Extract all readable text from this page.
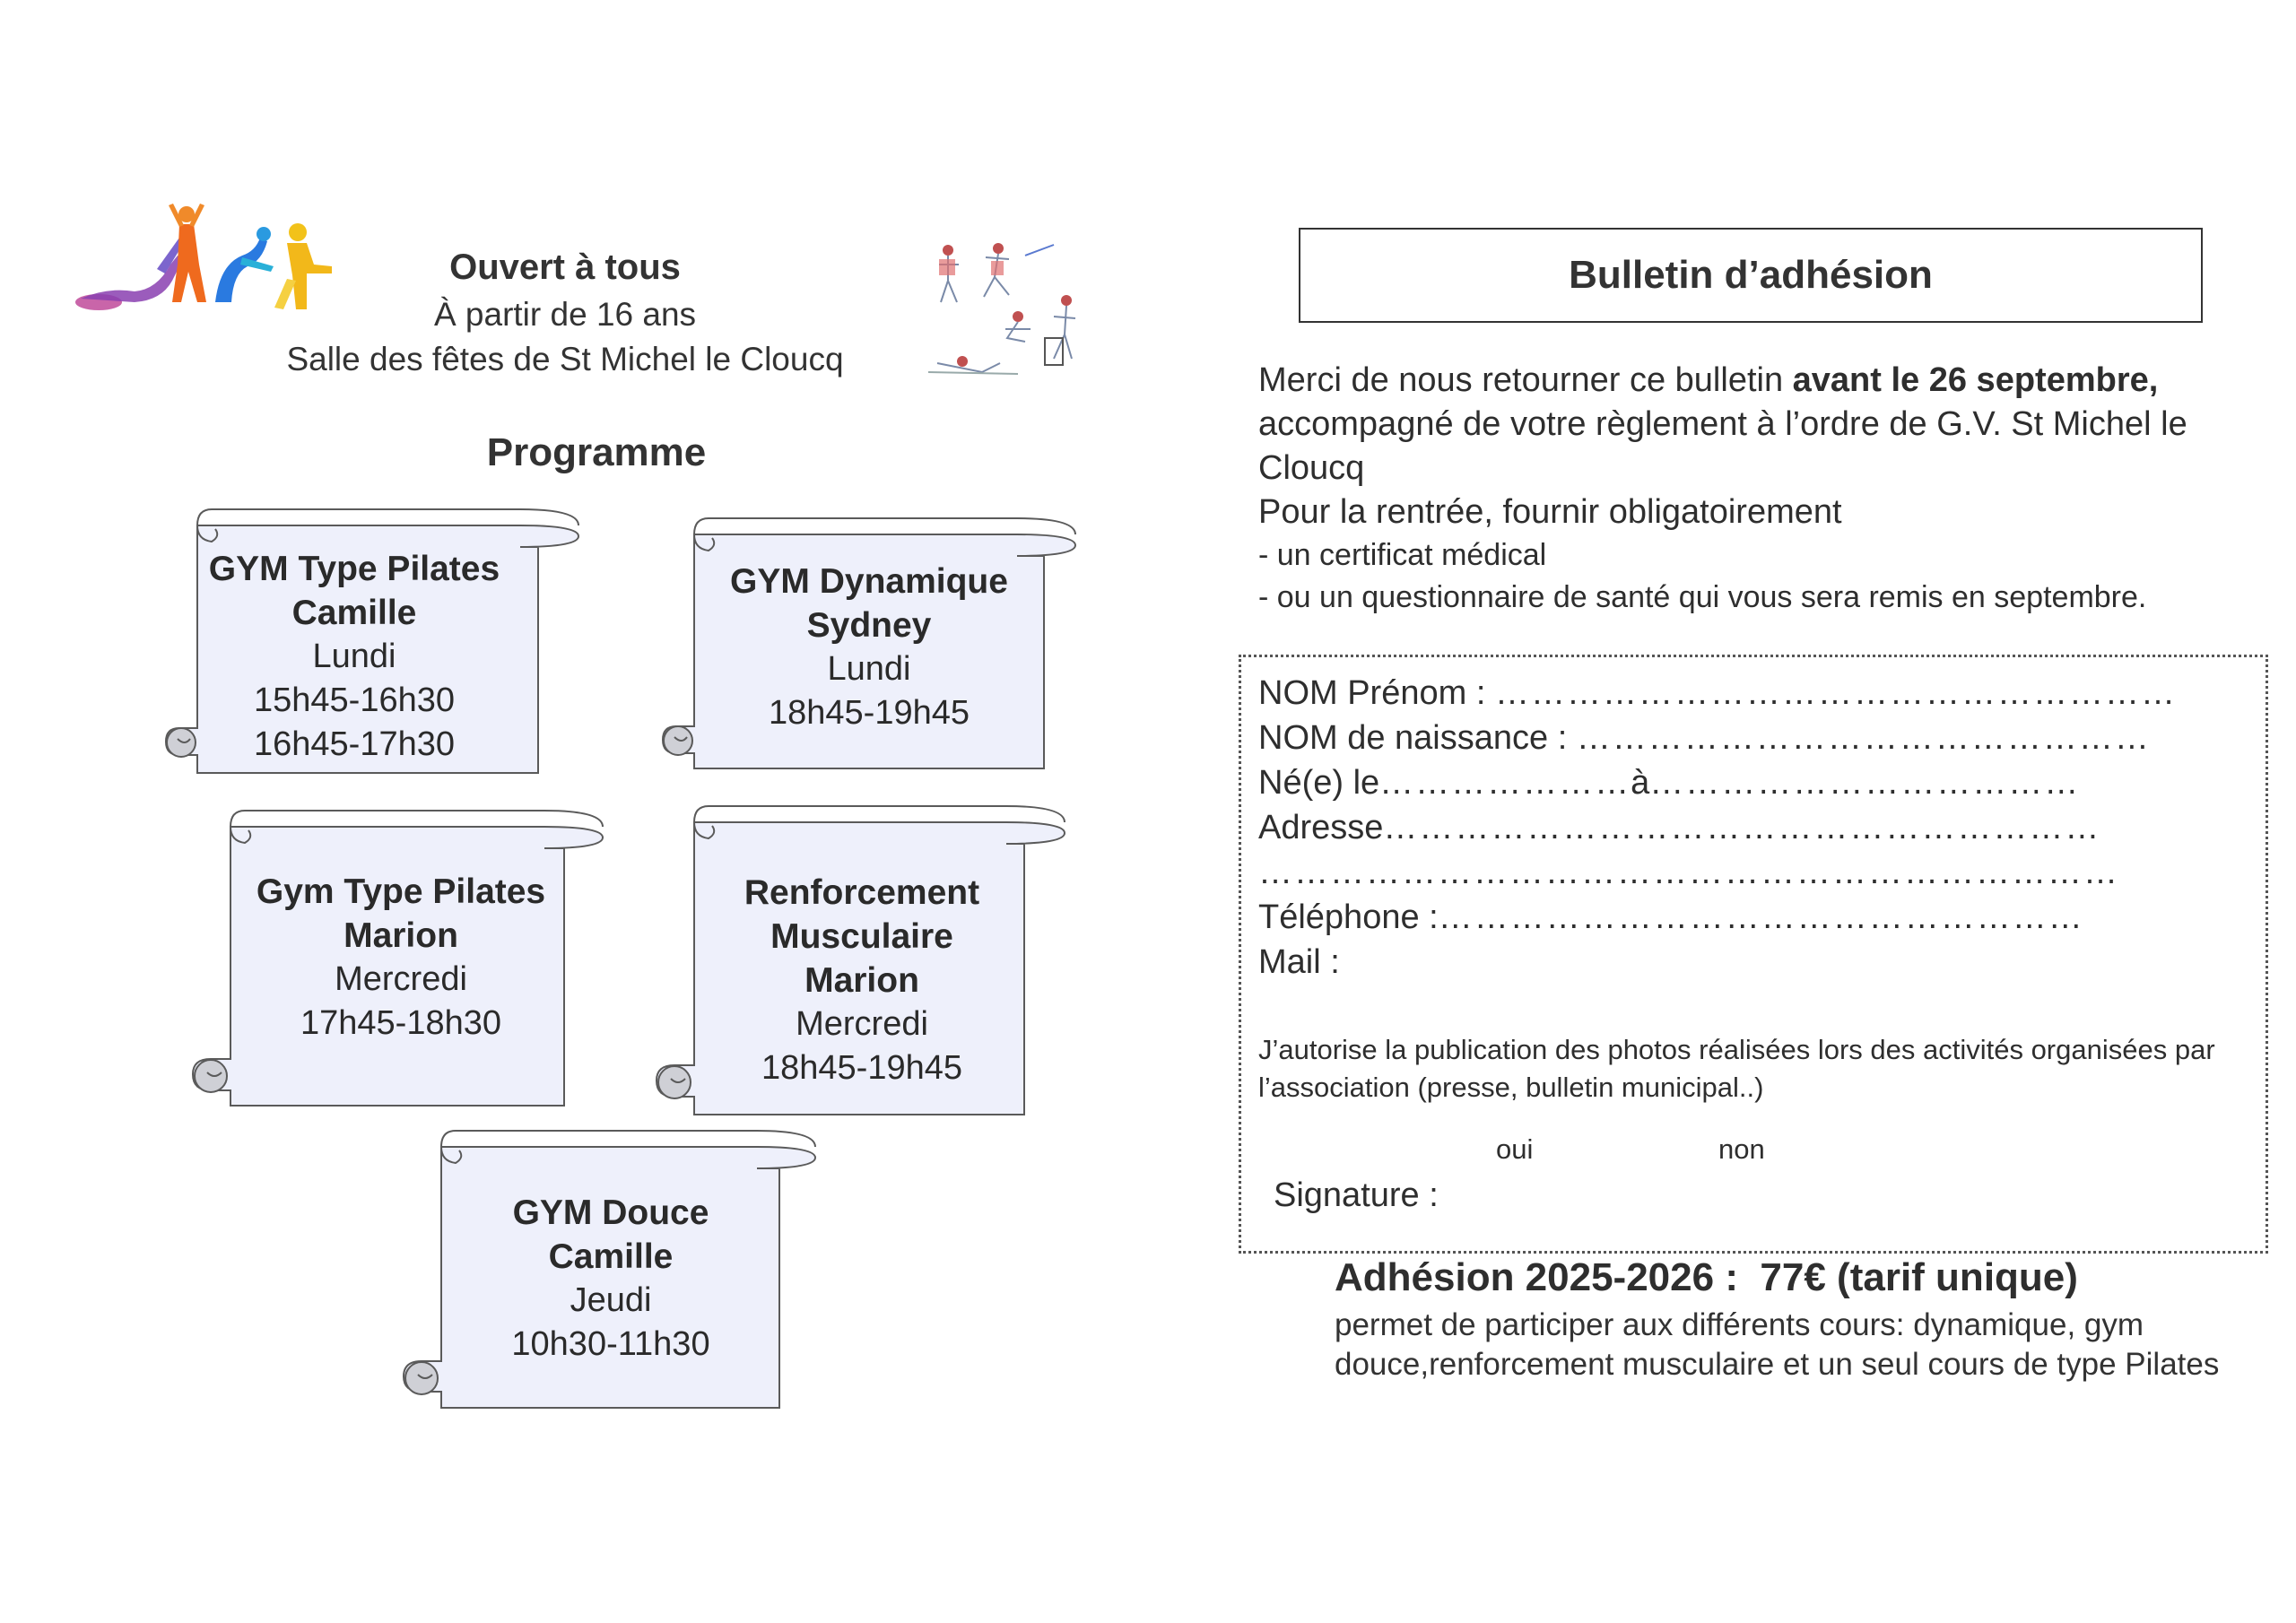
Ouvert à tous
À partir de 16 ans
Salle des fêtes de St Michel le Cloucq
Programme
GYM Type Pilates
Camille
Lundi
15h45-16h30
16h45-17h30
GYM Dynamique
Sydney
Lundi
18h45-19h45
Gym Type Pilates
Marion
Mercredi
17h45-18h30
Renforcement
Musculaire
Marion
Mercredi
18h45-19h45
GYM Douce
Camille
Jeudi
10h30-11h30
Bulletin d’adhésion
Merci de nous retourner ce bulletin avant le 26 septembre, accompagné de votre règlement à l’ordre de G.V. St Michel le Cloucq
Pour la rentrée, fournir obligatoirement
- un certificat médical
- ou un questionnaire de santé qui vous sera remis en septembre.
NOM Prénom : …………………………………………………
NOM de naissance : …………………………………………
Né(e) le…………………à………………………………
Adresse……………………………………………………
………………………………………………………………
Téléphone :………………………………………………
Mail :
J’autorise la publication des photos réalisées lors des activités organisées par l’association (presse, bulletin municipal..)
oui	non
Signature :
Adhésion 2025-2026 : 77€ (tarif unique)
permet de participer aux différents cours: dynamique, gym douce,renforcement musculaire et un seul cours de type Pilates
